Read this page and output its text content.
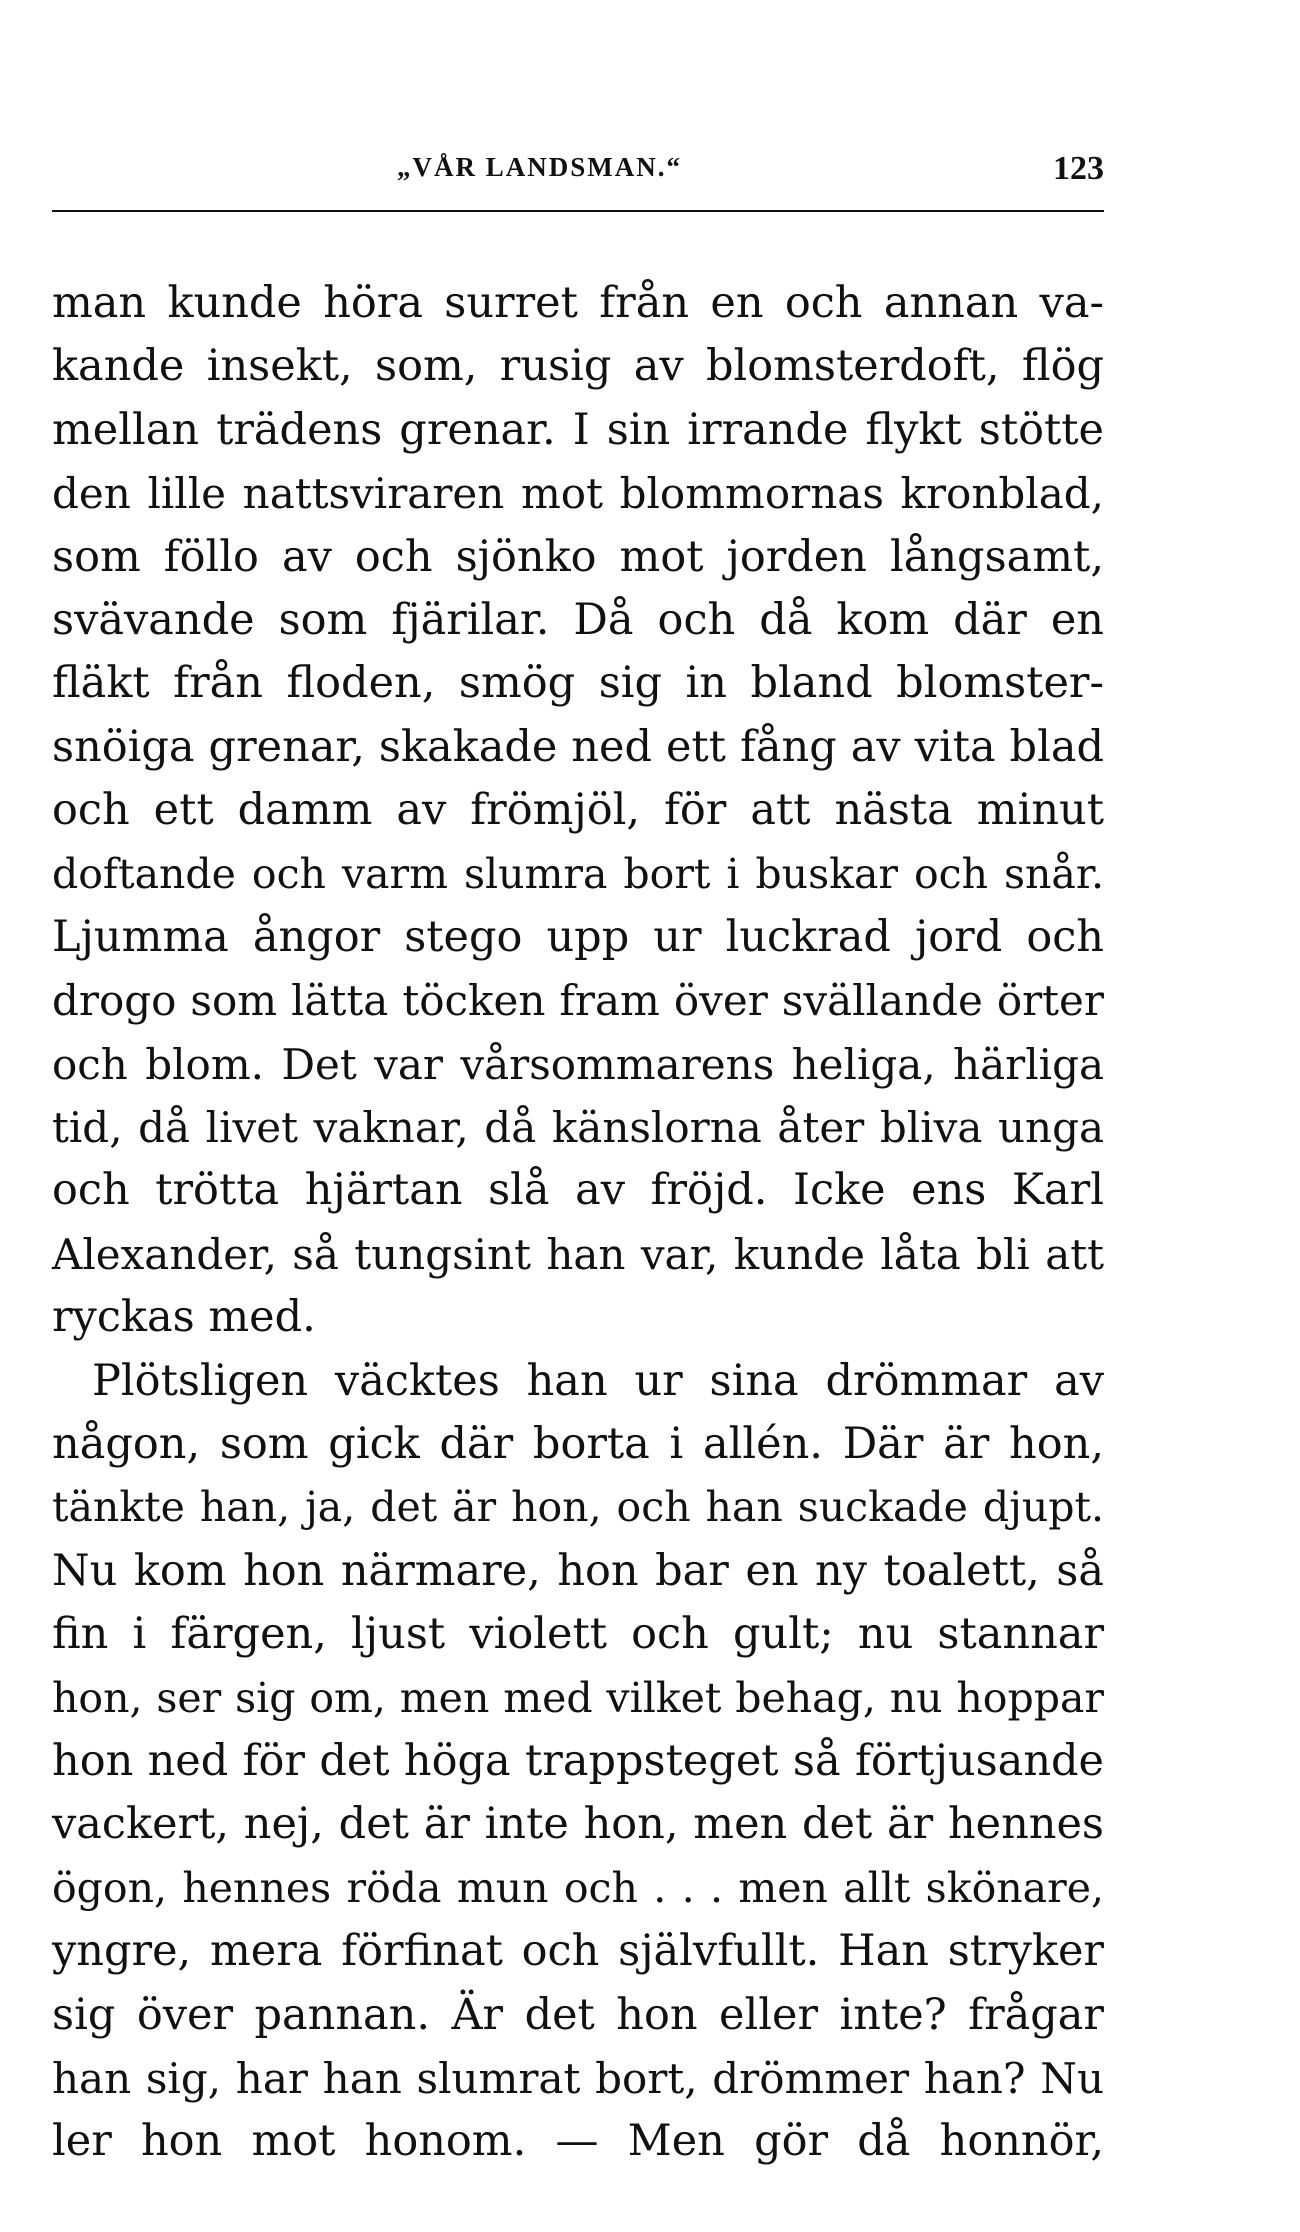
„VÅR LANDSMAN.“	123
man kunde höra surret från en och annan va-
kande insekt, som, rusig av blomsterdoft, flög
mellan trädens grenar. I sin irrande flykt stötte
den lille nattsviraren mot blommornas kronblad,
som föllo av och sjönko mot jorden långsamt,
svävande som fjärilar. Då och då kom där en
fläkt från floden, smög sig in bland blomster-
snöiga grenar, skakade ned ett fång av vita blad
och ett damm av frömjöl, för att nästa minut
doftande och varm slumra bort i buskar och snår.
Ljumma ångor stego upp ur luckrad jord och
drogo som lätta töcken fram över svällande örter
och blom. Det var vårsommarens heliga, härliga
tid, då livet vaknar, då känslorna åter bliva unga
och trötta hjärtan slå av fröjd. Icke ens Karl
Alexander, så tungsint han var, kunde låta bli att
ryckas med.
Plötsligen väcktes han ur sina drömmar av
någon, som gick där borta i allén. Där är hon,
tänkte han, ja, det är hon, och han suckade djupt.
Nu kom hon närmare, hon bar en ny toalett, så
fin i färgen, ljust violett och gult; nu stannar
hon, ser sig om, men med vilket behag, nu hoppar
hon ned för det höga trappsteget så förtjusande
vackert, nej, det är inte hon, men det är hennes
ögon, hennes röda mun och . . . men allt skönare,
yngre, mera förfinat och självfullt. Han stryker
sig över pannan. Är det hon eller inte? frågar
han sig, har han slumrat bort, drömmer han? Nu
ler hon mot honom. — Men gör då honnör,
